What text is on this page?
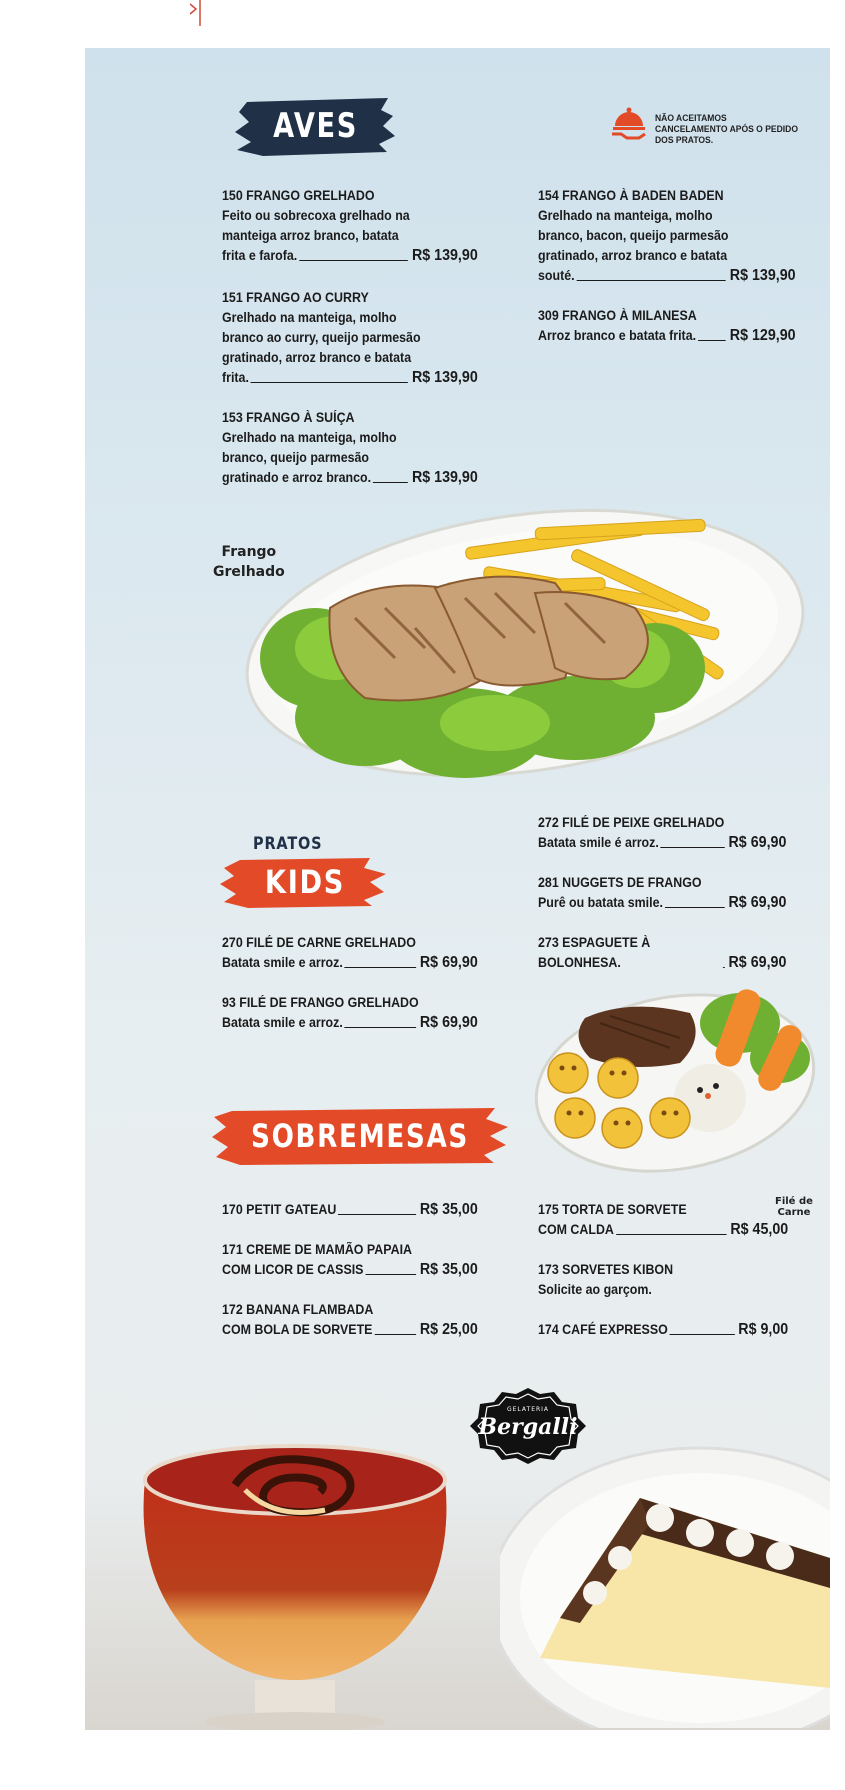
AVES	NÃO ACEITAMOS CANCELAMENTO APÓS O PEDIDO DOS PRATOS.
150 FRANGO GRELHADO
Feito ou sobrecoxa grelhado na
manteiga arroz branco, batata
frita e farofa.	R$ 139,90
151 FRANGO AO CURRY
Grelhado na manteiga, molho
branco ao curry, queijo parmesão
gratinado, arroz branco e batata
frita.	R$ 139,90
153 FRANGO À SUÍÇA
Grelhado na manteiga, molho
branco, queijo parmesão
gratinado e arroz branco.	R$ 139,90
154 FRANGO À BADEN BADEN
Grelhado na manteiga, molho
branco, bacon, queijo parmesão
gratinado, arroz branco e batata
souté.	R$ 139,90
309 FRANGO À MILANESA
Arroz branco e batata frita. R$ 129,90
Frango
Grelhado
PRATOS
KIDS
272 FILÉ DE PEIXE GRELHADO
Batata smile é arroz.	R$ 69,90
281 NUGGETS DE FRANGO
Purê ou batata smile.	R$ 69,90
273 ESPAGUETE À BOLONHESA.	R$ 69,90
270 FILÉ DE CARNE GRELHADO
Batata smile e arroz.	R$ 69,90
93 FILÉ DE FRANGO GRELHADO
Batata smile e arroz.	R$ 69,90
Filé de
Carne
SOBREMESAS
170 PETIT GATEAU	R$ 35,00
171 CREME DE MAMÃO PAPAIA
COM LICOR DE CASSIS	R$ 35,00
172 BANANA FLAMBADA
COM BOLA DE SORVETE	R$ 25,00
175 TORTA DE SORVETE
COM CALDA	R$ 45,00
173 SORVETES KIBON
Solicite ao garçom.
174 CAFÉ EXPRESSO	R$ 9,00
GELATERIA
Bergalli
